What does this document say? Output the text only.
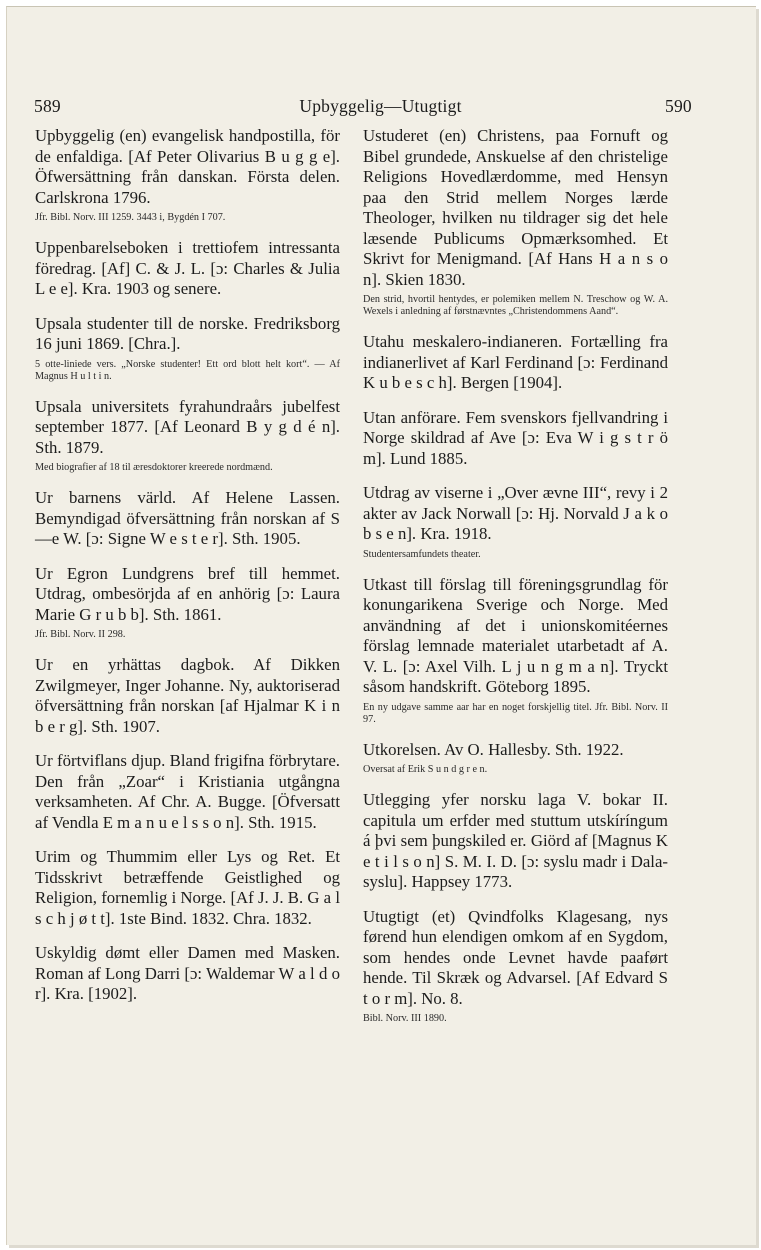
589	Upbyggelig—Utugtigt	590
Upbyggelig (en) evangelisk handpostilla, för de enfaldiga. [Af Peter Olivarius B u g g e]. Öfwersättning från danskan. Första delen. Carlskrona 1796.
Jfr. Bibl. Norv. III 1259. 3443 i, Bygdén I 707.
Uppenbarelseboken i trettiofem intressanta föredrag. [Af] C. & J. L. [ɔ: Charles & Julia L e e]. Kra. 1903 og senere.
Upsala studenter till de norske. Fredriksborg 16 juni 1869. [Chra.].
5 otte-liniede vers. „Norske studenter! Ett ord blott helt kort“. — Af Magnus H u l t i n.
Upsala universitets fyrahundraårs jubelfest september 1877. [Af Leonard B y g d é n]. Sth. 1879.
Med biografier af 18 til æresdoktorer kreerede nordmænd.
Ur barnens värld. Af Helene Lassen. Bemyndigad öfversättning från norskan af S—e W. [ɔ: Signe W e s t e r]. Sth. 1905.
Ur Egron Lundgrens bref till hemmet. Utdrag, ombesörjda af en anhörig [ɔ: Laura Marie G r u b b]. Sth. 1861.
Jfr. Bibl. Norv. II 298.
Ur en yrhättas dagbok. Af Dikken Zwilgmeyer, Inger Johanne. Ny, auktoriserad öfversättning från norskan [af Hjalmar K i n b e r g]. Sth. 1907.
Ur förtviflans djup. Bland frigifna förbrytare. Den från „Zoar“ i Kristiania utgångna verksamheten. Af Chr. A. Bugge. [Öfversatt af Vendla E m a n u e l s s o n]. Sth. 1915.
Urim og Thummim eller Lys og Ret. Et Tidsskrivt betræffende Geistlighed og Religion, fornemlig i Norge. [Af J. J. B. G a l s c h j ø t t]. 1ste Bind. 1832. Chra. 1832.
Uskyldig dømt eller Damen med Masken. Roman af Long Darri [ɔ: Waldemar W a l d o r]. Kra. [1902].
Ustuderet (en) Christens, paa Fornuft og Bibel grundede, Anskuelse af den christelige Religions Hovedlærdomme, med Hensyn paa den Strid mellem Norges lærde Theologer, hvilken nu tildrager sig det hele læsende Publicums Opmærksomhed. Et Skrivt for Menigmand. [Af Hans H a n s o n]. Skien 1830.
Den strid, hvortil hentydes, er polemiken mellem N. Treschow og W. A. Wexels i anledning af førstnævntes „Christendommens Aand“.
Utahu meskalero-indianeren. Fortælling fra indianerlivet af Karl Ferdinand [ɔ: Ferdinand K u b e s c h]. Bergen [1904].
Utan anförare. Fem svenskors fjellvandring i Norge skildrad af Ave [ɔ: Eva W i g s t r ö m]. Lund 1885.
Utdrag av viserne i „Over ævne III“, revy i 2 akter av Jack Norwall [ɔ: Hj. Norvald J a k o b s e n]. Kra. 1918.
Studentersamfundets theater.
Utkast till förslag till föreningsgrundlag för konungarikena Sverige och Norge. Med användning af det i unionskomitéernes förslag lemnade materialet utarbetadt af A. V. L. [ɔ: Axel Vilh. L j u n g m a n]. Tryckt såsom handskrift. Göteborg 1895.
En ny udgave samme aar har en noget forskjellig titel. Jfr. Bibl. Norv. II 97.
Utkorelsen. Av O. Hallesby. Sth. 1922.
Oversat af Erik S u n d g r e n.
Utlegging yfer norsku laga V. bokar II. capitula um erfder med stuttum utskíríngum á þvi sem þungskiled er. Giörd af [Magnus K e t i l s o n] S. M. I. D. [ɔ: syslu madr i Dala-syslu]. Happsey 1773.
Utugtigt (et) Qvindfolks Klagesang, nys førend hun elendigen omkom af en Sygdom, som hendes onde Levnet havde paaført hende. Til Skræk og Advarsel. [Af Edvard S t o r m]. No. 8.
Bibl. Norv. III 1890.
